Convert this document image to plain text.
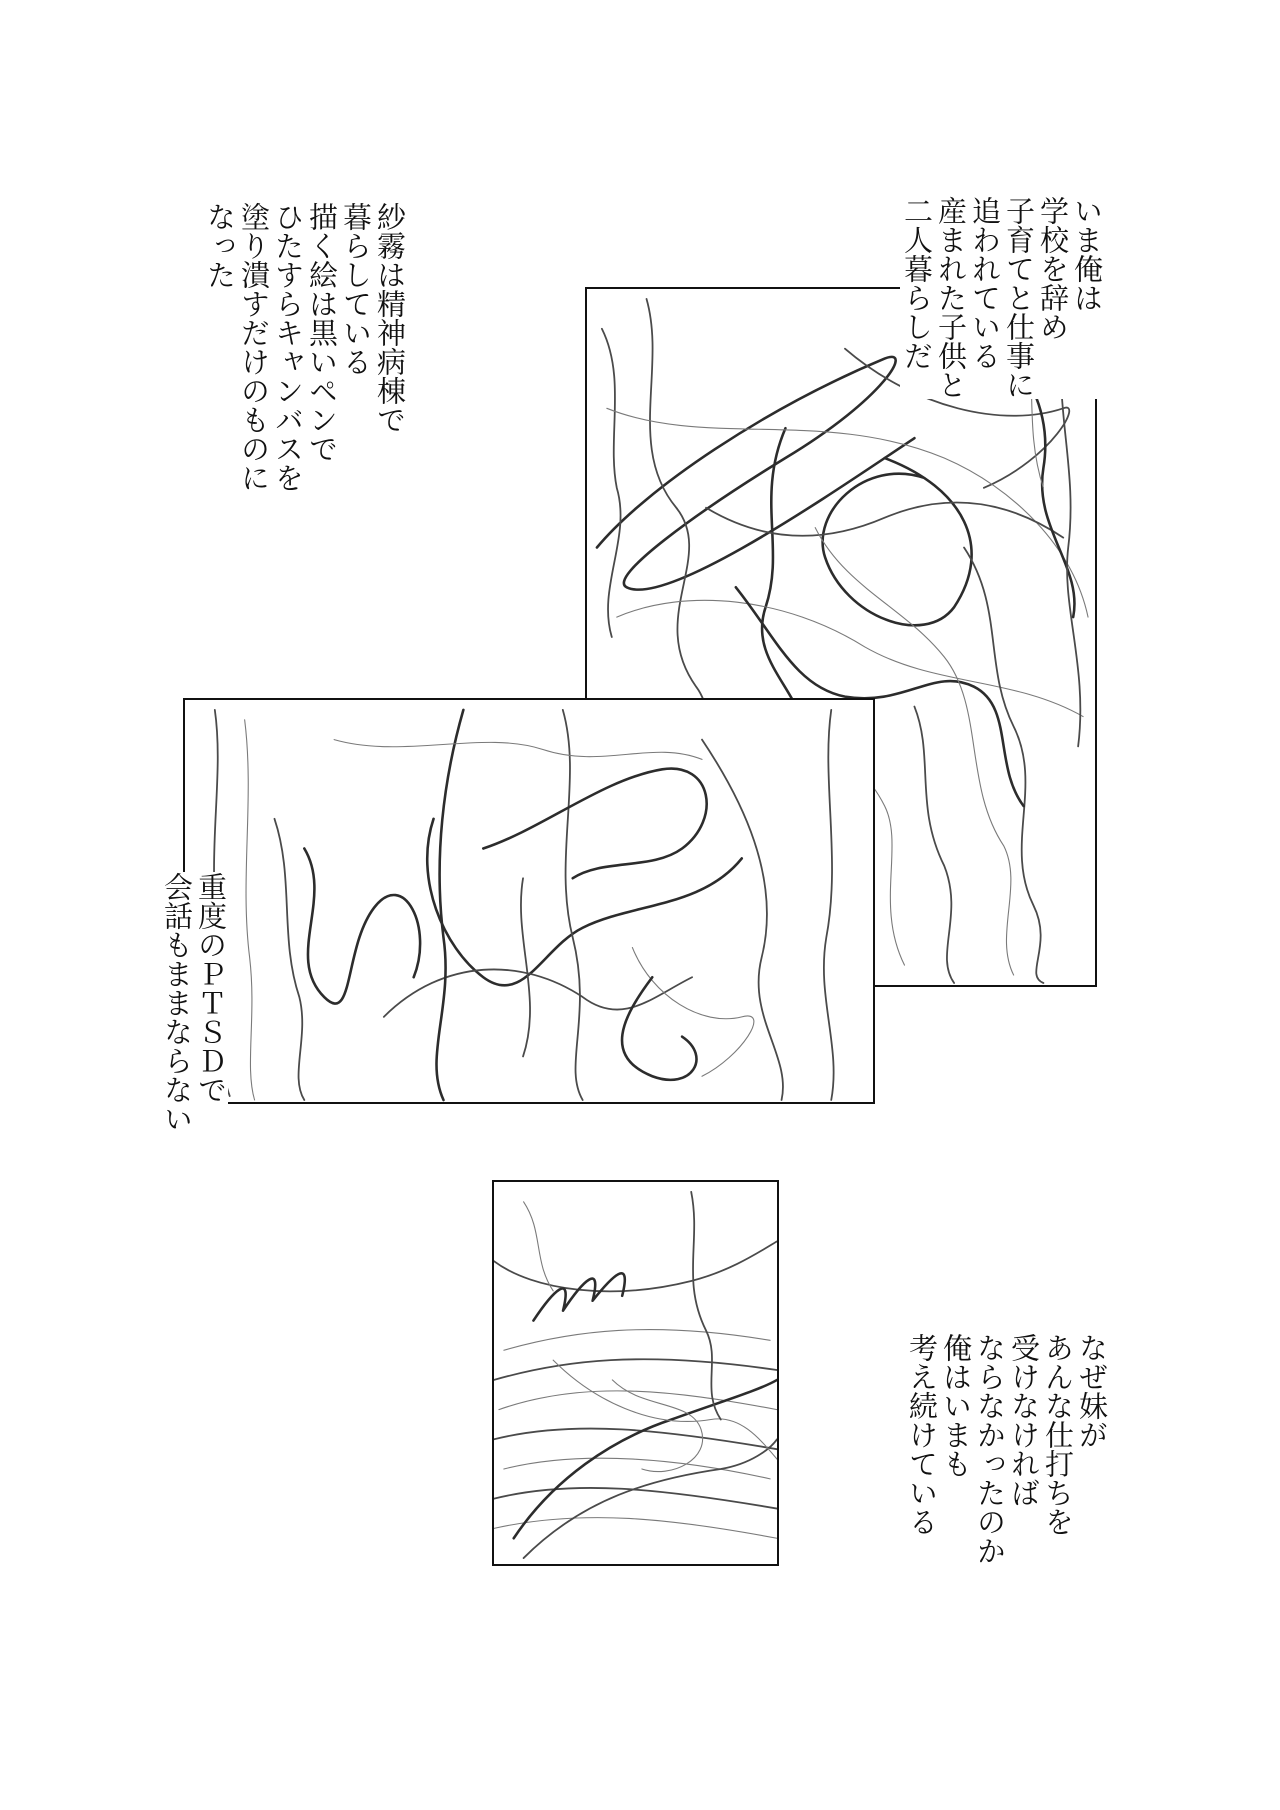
いま俺は
学校を辞め
子育てと仕事に
追われている
産まれた子供と
二人暮らしだ
紗霧は精神病棟で
暮らしている
描く絵は黒いペンで
ひたすらキャンバスを
塗り潰すだけのものに
なった
重度のＰＴＳＤで
会話もままならない
なぜ妹が
あんな仕打ちを
受けなければ
ならなかったのか
俺はいまも
考え続けている
